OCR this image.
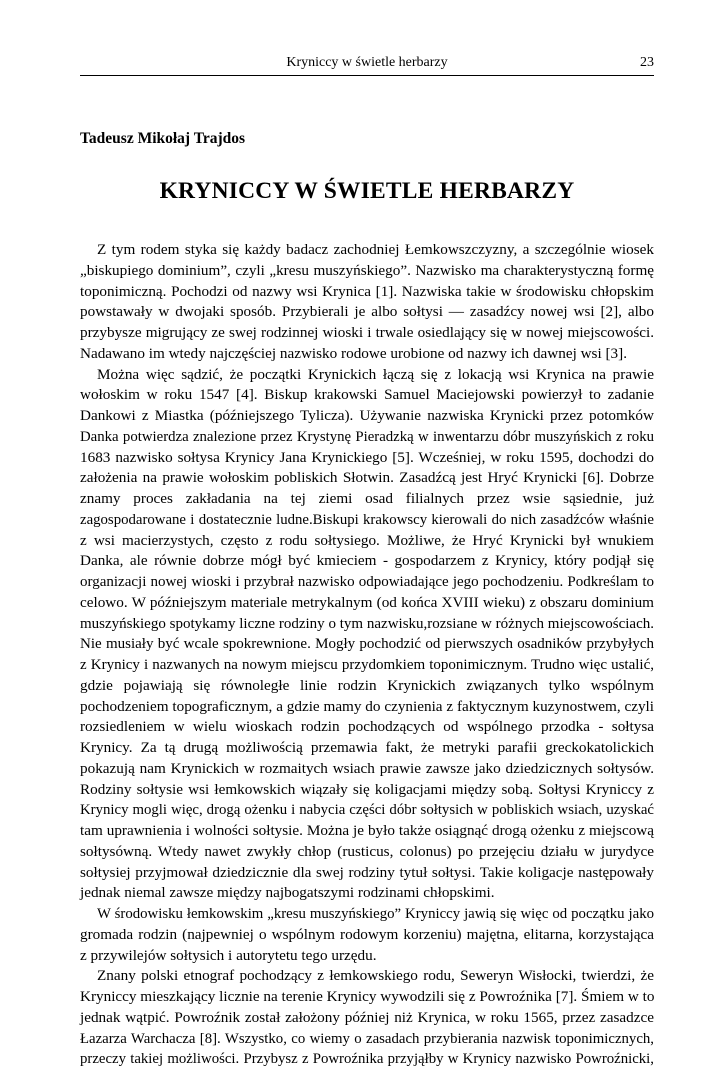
Kryniccy w świetle herbarzy	23
Tadeusz Mikołaj Trajdos
KRYNICCY W ŚWIETLE HERBARZY
Z tym rodem styka się każdy badacz zachodniej Łemkowszczyzny, a szczególnie wiosek
„biskupiego dominium”, czyli „kresu muszyńskiego”. Nazwisko ma charakterystyczną formę
toponimiczną. Pochodzi od nazwy wsi Krynica [1]. Nazwiska takie w środowisku chłopskim
powstawały w dwojaki sposób. Przybierali je albo sołtysi — zasadźcy nowej wsi [2], albo
przybysze migrujący ze swej rodzinnej wioski i trwale osiedlający się w nowej miejscowości.
Nadawano im wtedy najczęściej nazwisko rodowe urobione od nazwy ich dawnej wsi [3].
Można więc sądzić, że początki Krynickich łączą się z lokacją wsi Krynica na prawie
wołoskim w roku 1547 [4]. Biskup krakowski Samuel Maciejowski powierzył to zadanie
Dankowi z Miastka (późniejszego Tylicza). Używanie nazwiska Krynicki przez potomków
Danka potwierdza znalezione przez Krystynę Pieradzką w inwentarzu dóbr muszyńskich z roku
1683 nazwisko sołtysa Krynicy Jana Krynickiego [5]. Wcześniej, w roku 1595, dochodzi do
założenia na prawie wołoskim pobliskich Słotwin. Zasadźcą jest Hryć Krynicki [6]. Dobrze
znamy proces zakładania na tej ziemi osad filialnych przez wsie sąsiednie, już
zagospodarowane i dostatecznie ludne.Biskupi krakowscy kierowali do nich zasadźców właśnie
z wsi macierzystych, często z rodu sołtysiego. Możliwe, że Hryć Krynicki był wnukiem
Danka, ale równie dobrze mógł być kmieciem - gospodarzem z Krynicy, który podjął się
organizacji nowej wioski i przybrał nazwisko odpowiadające jego pochodzeniu. Podkreślam to
celowo. W późniejszym materiale metrykalnym (od końca XVIII wieku) z obszaru dominium
muszyńskiego spotykamy liczne rodziny o tym nazwisku,rozsiane w różnych miejscowościach.
Nie musiały być wcale spokrewnione. Mogły pochodzić od pierwszych osadników przybyłych
z Krynicy i nazwanych na nowym miejscu przydomkiem toponimicznym. Trudno więc ustalić,
gdzie pojawiają się równoległe linie rodzin Krynickich związanych tylko wspólnym
pochodzeniem topograficznym, a gdzie mamy do czynienia z faktycznym kuzynostwem, czyli
rozsiedleniem w wielu wioskach rodzin pochodzących od wspólnego przodka - sołtysa
Krynicy. Za tą drugą możliwością przemawia fakt, że metryki parafii greckokatolickich
pokazują nam Krynickich w rozmaitych wsiach prawie zawsze jako dziedzicznych sołtysów.
Rodziny sołtysie wsi łemkowskich wiązały się koligacjami między sobą. Sołtysi Kryniccy z
Krynicy mogli więc, drogą ożenku i nabycia części dóbr sołtysich w pobliskich wsiach, uzyskać
tam uprawnienia i wolności sołtysie. Można je było także osiągnąć drogą ożenku z miejscową
sołtysówną. Wtedy nawet zwykły chłop (rusticus, colonus) po przejęciu działu w jurydyce
sołtysiej przyjmował dziedzicznie dla swej rodziny tytuł sołtysi. Takie koligacje następowały
jednak niemal zawsze między najbogatszymi rodzinami chłopskimi.
W środowisku łemkowskim „kresu muszyńskiego” Kryniccy jawią się więc od początku jako
gromada rodzin (najpewniej o wspólnym rodowym korzeniu) majętna, elitarna, korzystająca
z przywilejów sołtysich i autorytetu tego urzędu.
Znany polski etnograf pochodzący z łemkowskiego rodu, Seweryn Wisłocki, twierdzi, że
Kryniccy mieszkający licznie na terenie Krynicy wywodzili się z Powroźnika [7]. Śmiem w to
jednak wątpić. Powroźnik został założony później niż Krynica, w roku 1565, przez zasadzce
Łazarza Warchacza [8]. Wszystko, co wiemy o zasadach przybierania nazwisk toponimicznych,
przeczy takiej możliwości. Przybysz z Powroźnika przyjąłby w Krynicy nazwisko Powroźnicki,
